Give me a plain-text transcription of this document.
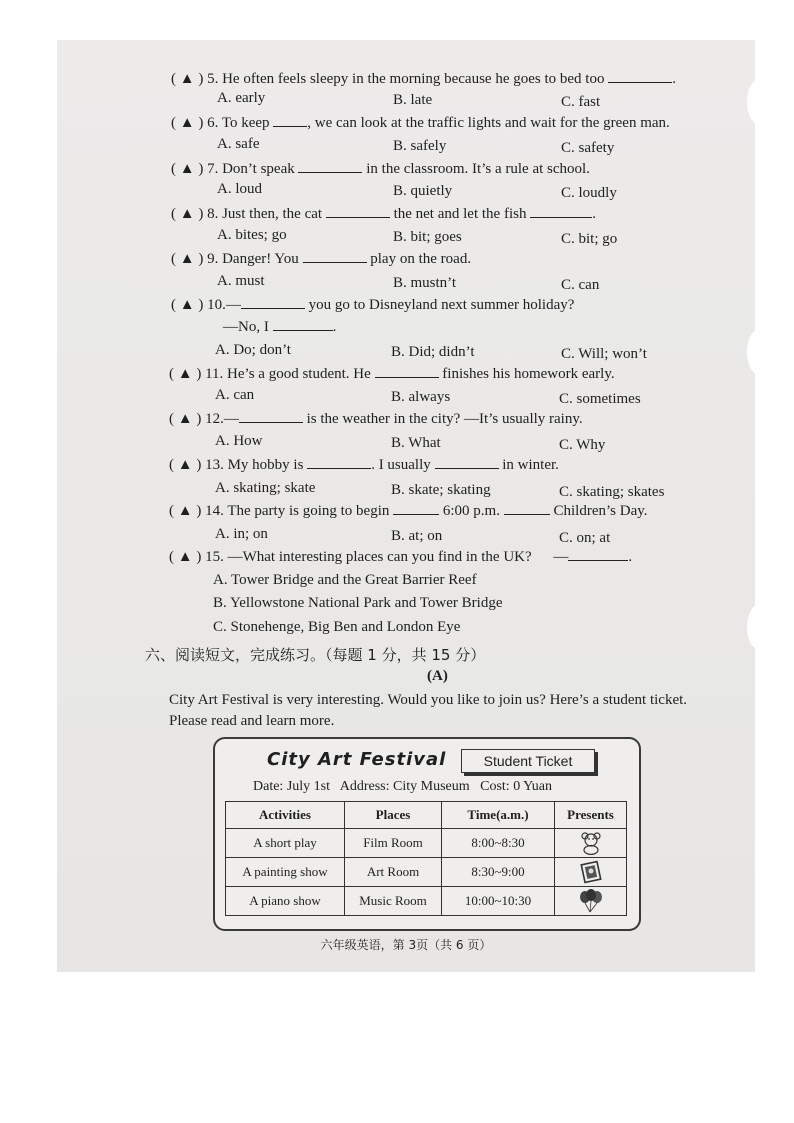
( ▲ ) 5. He often feels sleepy in the morning because he goes to bed too	.
A. early	B. late	C. fast
( ▲ ) 6. To keep	, we can look at the traffic lights and wait for the green man.
A. safe	B. safely	C. safety
( ▲ ) 7. Don’t speak	in the classroom. It’s a rule at school.
A. loud	B. quietly	C. loudly
( ▲ ) 8. Just then, the cat	the net and let the fish	.
A. bites; go	B. bit; goes	C. bit; go
( ▲ ) 9. Danger! You	play on the road.
A. must	B. mustn’t	C. can
( ▲ ) 10.—	you go to Disneyland next summer holiday?
—No, I	.
A. Do; don’t	B. Did; didn’t	C. Will; won’t
( ▲ ) 11. He’s a good student. He	finishes his homework early.
A. can	B. always	C. sometimes
( ▲ ) 12.—	is the weather in the city? —It’s usually rainy.
A. How	B. What	C. Why
( ▲ ) 13. My hobby is	. I usually	in winter.
A. skating; skate	B. skate; skating	C. skating; skates
( ▲ ) 14. The party is going to begin	6:00 p.m.	Children’s Day.
A. in; on	B. at; on	C. on; at
( ▲ ) 15. —What interesting places can you find in the UK? —	.
A. Tower Bridge and the Great Barrier Reef
B. Yellowstone National Park and Tower Bridge
C. Stonehenge, Big Ben and London Eye
六、阅读短文，完成练习。（每题 1 分，共 15 分）
(A)
City Art Festival is very interesting. Would you like to join us? Here’s a student ticket. Please read and learn more.
City Art Festival	Student Ticket
Date: July 1st Address: City Museum Cost: 0 Yuan
Activities	Places	Time(a.m.)	Presents
A short play	Film Room	8:00~8:30	
A painting show	Art Room	8:30~9:00	
A piano show	Music Room	10:00~10:30	
六年级英语，第 3页（共 6 页）
